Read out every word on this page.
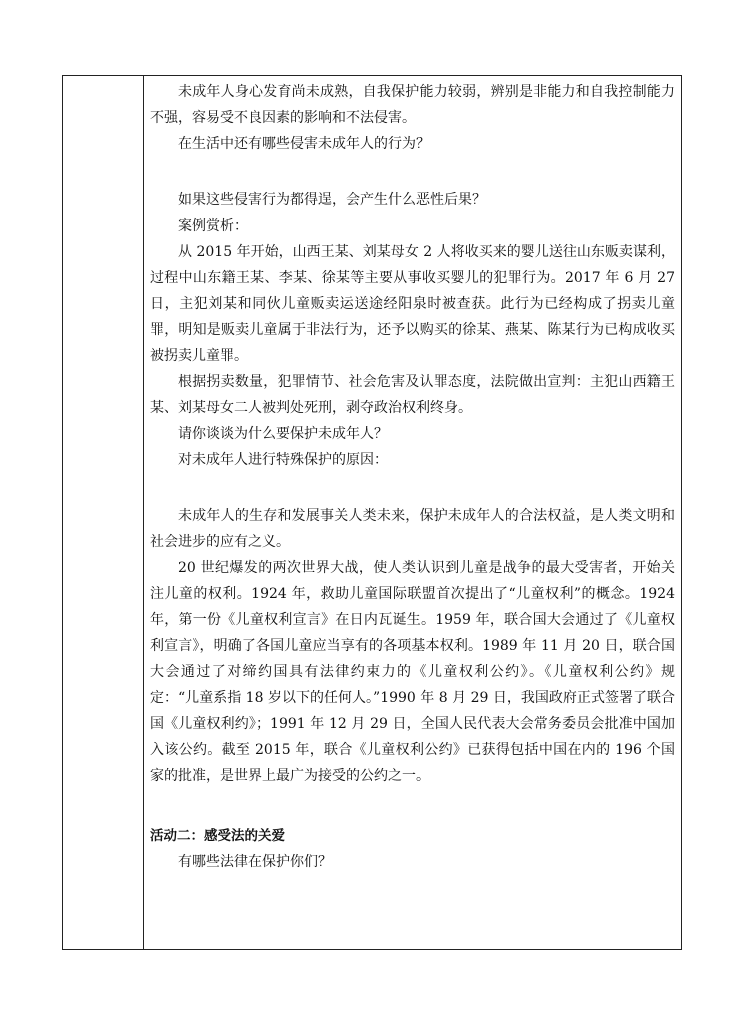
未成年人身心发育尚未成熟，自我保护能力较弱，辨别是非能力和自我控制能力不强，容易受不良因素的影响和不法侵害。

在生活中还有哪些侵害未成年人的行为？

如果这些侵害行为都得逞，会产生什么恶性后果？

案例赏析：

从 2015 年开始，山西王某、刘某母女 2 人将收买来的婴儿送往山东贩卖谋利，过程中山东籍王某、李某、徐某等主要从事收买婴儿的犯罪行为。2017 年 6 月 27 日，主犯刘某和同伙儿童贩卖运送途经阳泉时被查获。此行为已经构成了拐卖儿童罪，明知是贩卖儿童属于非法行为，还予以购买的徐某、燕某、陈某行为已构成收买被拐卖儿童罪。

根据拐卖数量，犯罪情节、社会危害及认罪态度，法院做出宣判：主犯山西籍王某、刘某母女二人被判处死刑，剥夺政治权利终身。

请你谈谈为什么要保护未成年人？

对未成年人进行特殊保护的原因：

未成年人的生存和发展事关人类未来，保护未成年人的合法权益，是人类文明和社会进步的应有之义。

20 世纪爆发的两次世界大战，使人类认识到儿童是战争的最大受害者，开始关注儿童的权利。1924 年，救助儿童国际联盟首次提出了“儿童权利”的概念。1924 年，第一份《儿童权利宣言》在日内瓦诞生。1959 年，联合国大会通过了《儿童权利宣言》，明确了各国儿童应当享有的各项基本权利。1989 年 11 月 20 日，联合国大会通过了对缔约国具有法律约束力的《儿童权利公约》。《儿童权利公约》规定：“儿童系指 18 岁以下的任何人。”1990 年 8 月 29 日，我国政府正式签署了联合国《儿童权利约》；1991 年 12 月 29 日，全国人民代表大会常务委员会批准中国加入该公约。截至 2015 年，联合《儿童权利公约》已获得包括中国在内的 196 个国家的批准，是世界上最广为接受的公约之一。

活动二：感受法的关爱

有哪些法律在保护你们？
